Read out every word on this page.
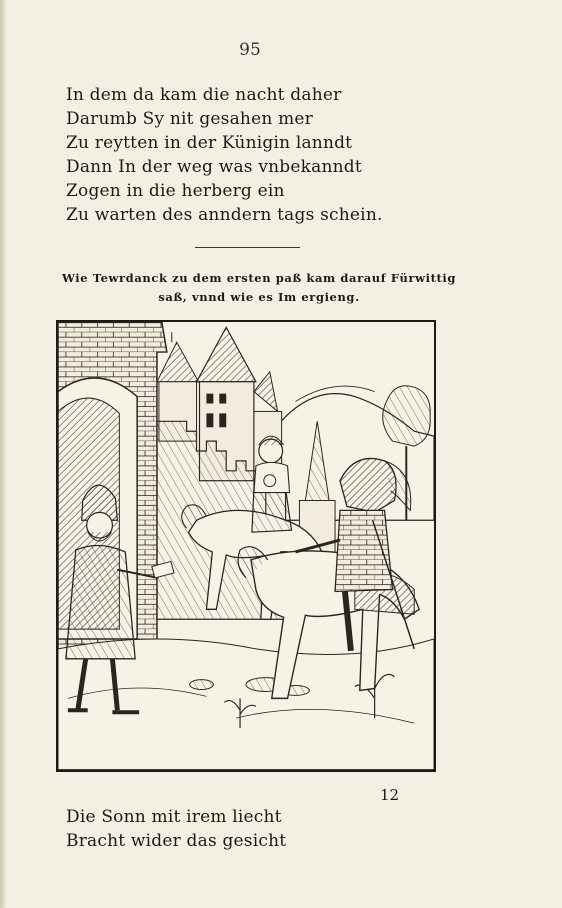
95
In dem da kam die nacht daher
Darumb Sy nit gesahen mer
Zu reytten in der Künigin lanndt
Dann In der weg was vnbekanndt
Zogen in die herberg ein
Zu warten des anndern tags schein.
Wie Tewrdanck zu dem ersten paß kam darauf Fürwittig
saß, vnnd wie es Im ergieng.
12
Die Sonn mit irem liecht
Bracht wider das gesicht
